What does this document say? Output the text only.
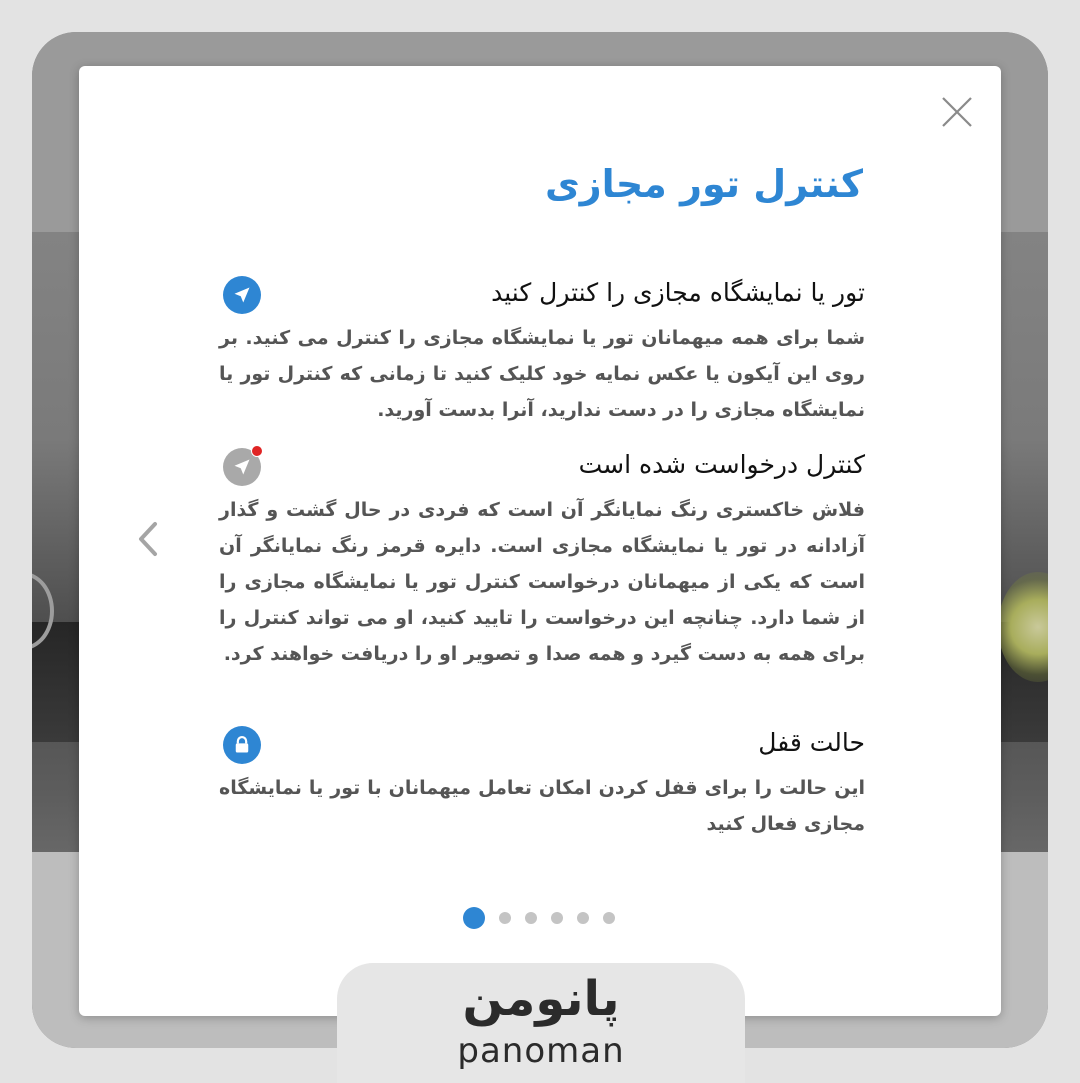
کنترل تور مجازی
تور یا نمایشگاه مجازی را کنترل کنید

شما برای همه میهمانان تور یا نمایشگاه مجازی را کنترل می کنید. بر روی این آیکون یا عکس نمایه خود کلیک کنید تا زمانی که کنترل تور یا نمایشگاه مجازی را در دست ندارید، آنرا بدست آورید.

کنترل درخواست شده است

فلاش خاکستری رنگ نمایانگر آن است که فردی در حال گشت و گذار آزادانه در تور یا نمایشگاه مجازی است. دایره قرمز رنگ نمایانگر آن است که یکی از میهمانان درخواست کنترل تور یا نمایشگاه مجازی را از شما دارد. چنانچه این درخواست را تایید کنید، او می تواند کنترل را برای همه به دست گیرد و همه صدا و تصویر او را دریافت خواهند کرد.

حالت قفل

این حالت را برای قفل کردن امکان تعامل میهمانان با تور یا نمایشگاه مجازی فعال کنید

پانومن
panoman
